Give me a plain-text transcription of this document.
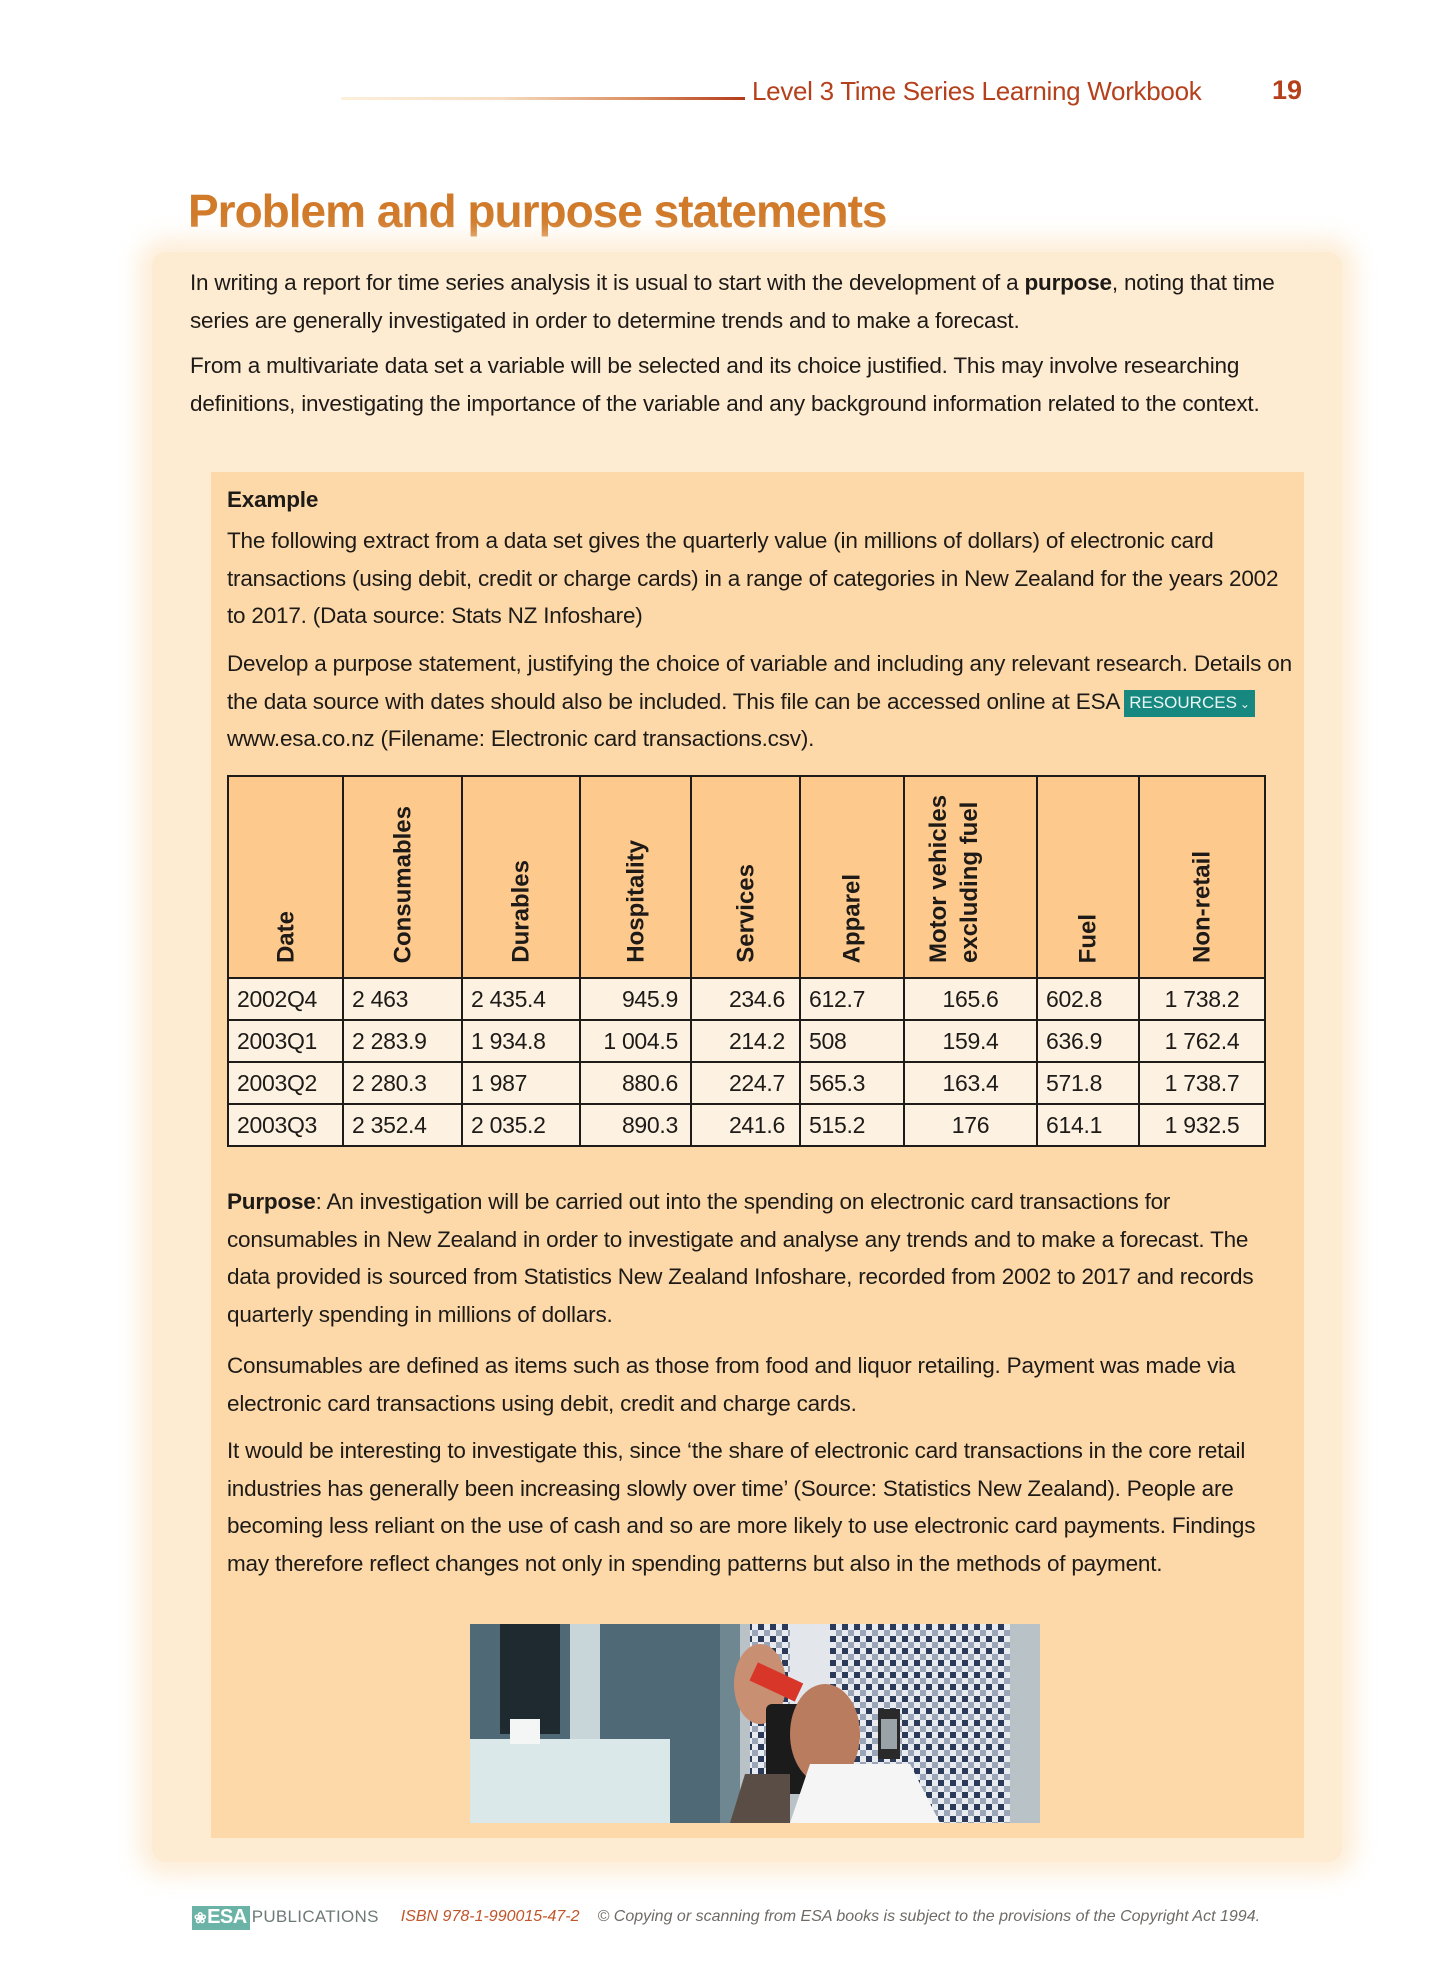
Level 3 Time Series Learning Workbook	19
Problem and purpose statements

In writing a report for time series analysis it is usual to start with the development of a purpose, noting that time series are generally investigated in order to determine trends and to make a forecast.

From a multivariate data set a variable will be selected and its choice justified. This may involve researching definitions, investigating the importance of the variable and any background information related to the context.

Example

The following extract from a data set gives the quarterly value (in millions of dollars) of electronic card transactions (using debit, credit or charge cards) in a range of categories in New Zealand for the years 2002 to 2017. (Data source: Stats NZ Infoshare)

Develop a purpose statement, justifying the choice of variable and including any relevant research. Details on the data source with dates should also be included. This file can be accessed online at ESA RESOURCES ⌄www.esa.co.nz (Filename: Electronic card transactions.csv).

Date	Consumables	Durables	Hospitality	Services	Apparel	Motor vehicles excluding fuel	Fuel	Non-retail

2002Q4	2 463	2 435.4	945.9	234.6	612.7	165.6	602.8	1 738.2
2003Q1	2 283.9	1 934.8	1 004.5	214.2	508	159.4	636.9	1 762.4
2003Q2	2 280.3	1 987	880.6	224.7	565.3	163.4	571.8	1 738.7
2003Q3	2 352.4	2 035.2	890.3	241.6	515.2	176	614.1	1 932.5

Purpose: An investigation will be carried out into the spending on electronic card transactions for consumables in New Zealand in order to investigate and analyse any trends and to make a forecast. The data provided is sourced from Statistics New Zealand Infoshare, recorded from 2002 to 2017 and records quarterly spending in millions of dollars.

Consumables are defined as items such as those from food and liquor retailing. Payment was made via electronic card transactions using debit, credit and charge cards.

It would be interesting to investigate this, since ‘the share of electronic card transactions in the core retail industries has generally been increasing slowly over time’ (Source: Statistics New Zealand). People are becoming less reliant on the use of cash and so are more likely to use electronic card payments. Findings may therefore reflect changes not only in spending patterns but also in the methods of payment.

❀ESA PUBLICATIONS ISBN 978-1-990015-47-2 © Copying or scanning from ESA books is subject to the provisions of the Copyright Act 1994.
